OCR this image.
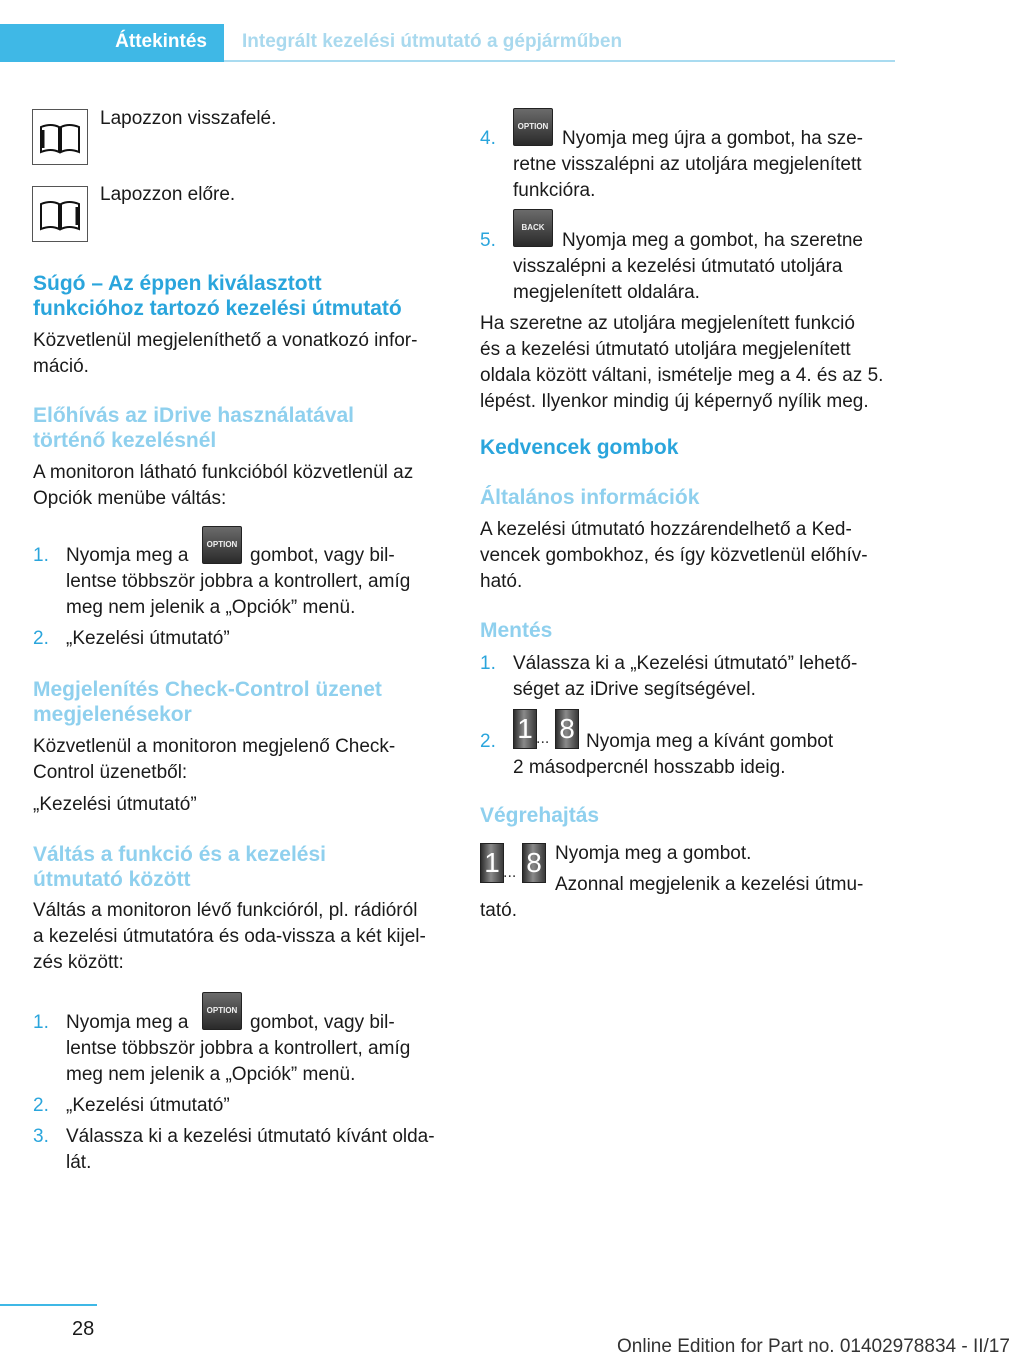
Áttekintés Integrált kezelési útmutató a gépjárműben
Lapozzon visszafelé.
Lapozzon előre.
Súgó – Az éppen kiválasztott
funkcióhoz tartozó kezelési útmutató
Közvetlenül megjeleníthető a vonatkozó infor‐
máció.
Előhívás az iDrive használatával
történő kezelésnél
A monitoron látható funkcióból közvetlenül az
Opciók menübe váltás:
1. Nyomja meg a
OPTION
gombot, vagy bil‐
lentse többször jobbra a kontrollert, amíg
meg nem jelenik a „Opciók” menü.
2. „Kezelési útmutató”
Megjelenítés Check-Control üzenet
megjelenésekor
Közvetlenül a monitoron megjelenő Check-
Control üzenetből:
„Kezelési útmutató”
Váltás a funkció és a kezelési
útmutató között
Váltás a monitoron lévő funkcióról, pl. rádióról
a kezelési útmutatóra és oda-vissza a két kijel‐
zés között:
1. Nyomja meg a
OPTION
gombot, vagy bil‐
lentse többször jobbra a kontrollert, amíg
meg nem jelenik a „Opciók” menü.
2. „Kezelési útmutató”
3. Válassza ki a kezelési útmutató kívánt olda‐
lát.
4.
OPTION
Nyomja meg újra a gombot, ha sze‐
retne visszalépni az utoljára megjelenített
funkcióra.
5.
BACK
Nyomja meg a gombot, ha szeretne
visszalépni a kezelési útmutató utoljára
megjelenített oldalára.
Ha szeretne az utoljára megjelenített funkció
és a kezelési útmutató utoljára megjelenített
oldala között váltani, ismételje meg a 4. és az 5.
lépést. Ilyenkor mindig új képernyő nyílik meg.
Kedvencek gombok
Általános információk
A kezelési útmutató hozzárendelhető a Ked‐
vencek gombokhoz, és így közvetlenül előhív‐
ható.
Mentés
1. Válassza ki a „Kezelési útmutató” lehető‐
séget az iDrive segítségével.
2. 1 ... 8 Nyomja meg a kívánt gombot
2 másodpercnél hosszabb ideig.
Végrehajtás
1 ... 8 Nyomja meg a gombot.
Azonnal megjelenik a kezelési útmu‐
tató.
28
Online Edition for Part no. 01402978834 - II/17
